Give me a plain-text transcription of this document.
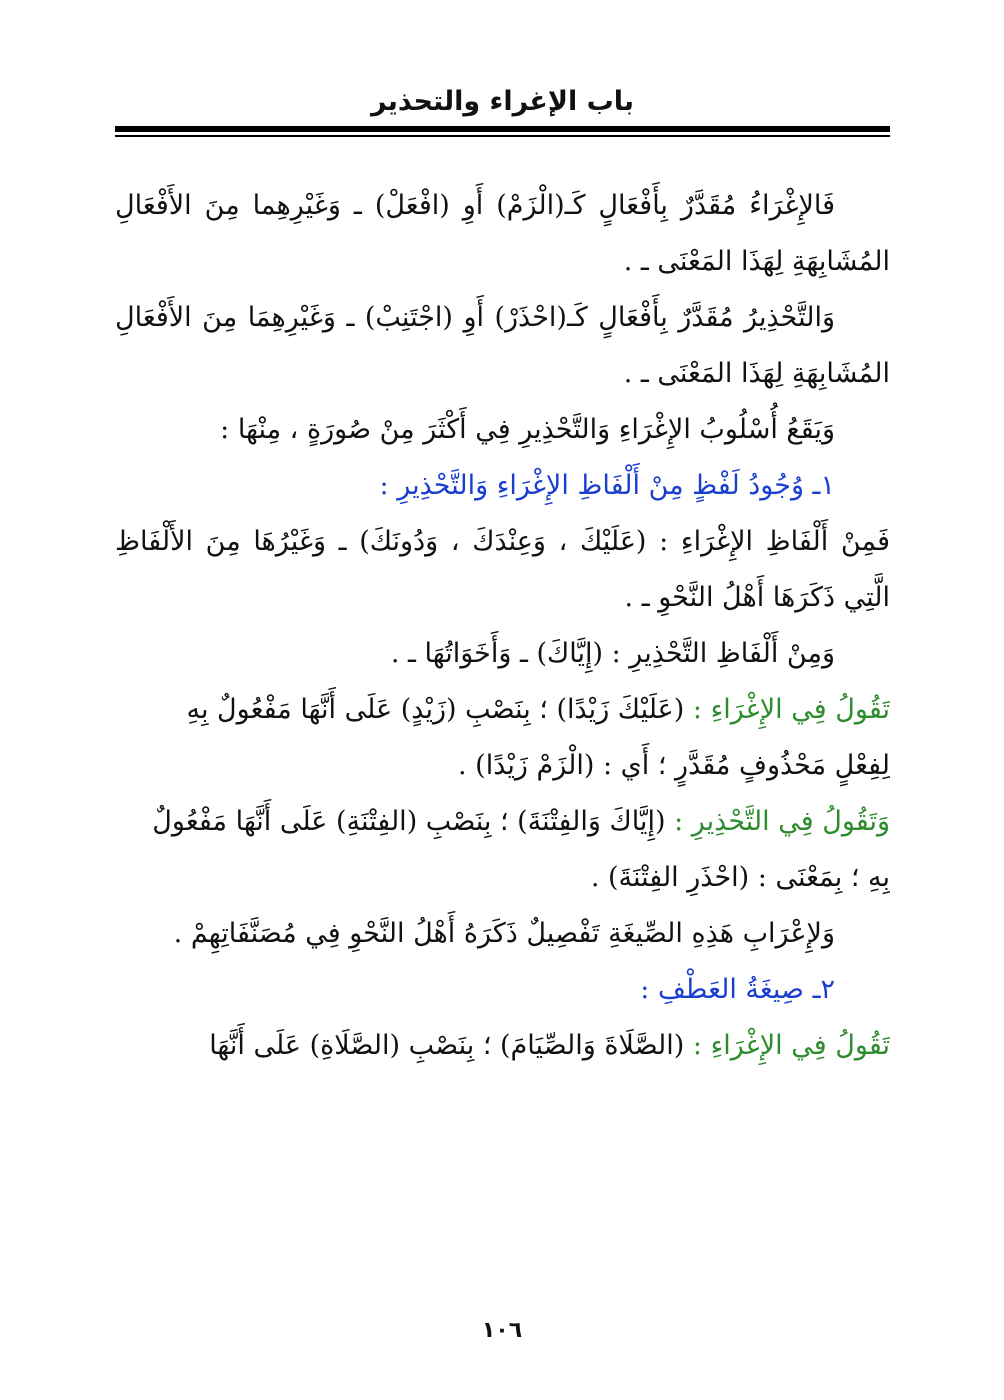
باب الإغراء والتحذير
فَالإِغْرَاءُ مُقَدَّرٌ بِأَفْعَالٍ كَـ(الْزَمْ) أَوِ (افْعَلْ) ـ وَغَيْرِهِما مِنَ الأَفْعَالِ
المُشَابِهَةِ لِهَذَا المَعْنَى ـ .
وَالتَّحْذِيرُ مُقَدَّرٌ بِأَفْعَالٍ كَـ(احْذَرْ) أَوِ (اجْتَنِبْ) ـ وَغَيْرِهِمَا مِنَ الأَفْعَالِ
المُشَابِهَةِ لِهَذَا المَعْنَى ـ .
وَيَقَعُ أُسْلُوبُ الإِغْرَاءِ وَالتَّحْذِيرِ فِي أَكْثَرَ مِنْ صُورَةٍ ، مِنْهَا :
١ـ وُجُودُ لَفْظٍ مِنْ أَلْفَاظِ الإِغْرَاءِ وَالتَّحْذِيرِ :
فَمِنْ أَلْفَاظِ الإِغْرَاءِ : (عَلَيْكَ ، وَعِنْدَكَ ، وَدُونَكَ) ـ وَغَيْرُهَا مِنَ الأَلْفَاظِ
الَّتِي ذَكَرَهَا أَهْلُ النَّحْوِ ـ .
وَمِنْ أَلْفَاظِ التَّحْذِيرِ : (إِيَّاكَ) ـ وَأَخَوَاتُهَا ـ .
تَقُولُ فِي الإِغْرَاءِ : (عَلَيْكَ زَيْدًا) ؛ بِنَصْبِ (زَيْدٍ) عَلَى أَنَّهَا مَفْعُولٌ بِهِ
لِفِعْلٍ مَحْذُوفٍ مُقَدَّرٍ ؛ أَي : (الْزَمْ زَيْدًا) .
وَتَقُولُ فِي التَّحْذِيرِ : (إِيَّاكَ وَالفِتْنَةَ) ؛ بِنَصْبِ (الفِتْنَةِ) عَلَى أَنَّهَا مَفْعُولٌ
بِهِ ؛ بِمَعْنَى : (احْذَرِ الفِتْنَةَ) .
وَلإِعْرَابِ هَذِهِ الصِّيغَةِ تَفْصِيلٌ ذَكَرَهُ أَهْلُ النَّحْوِ فِي مُصَنَّفَاتِهِمْ .
٢ـ صِيغَةُ العَطْفِ :
تَقُولُ فِي الإِغْرَاءِ : (الصَّلَاةَ وَالصِّيَامَ) ؛ بِنَصْبِ (الصَّلَاةِ) عَلَى أَنَّهَا
١٠٦
